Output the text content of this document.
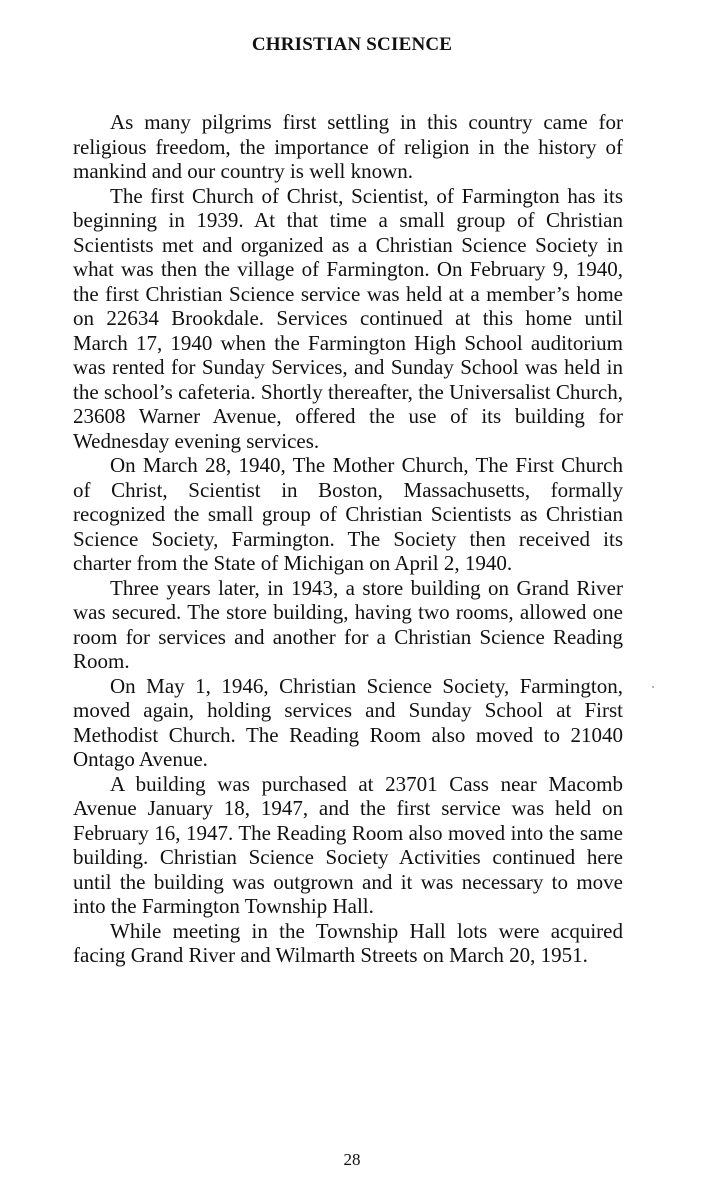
CHRISTIAN SCIENCE

As many pilgrims first settling in this country came for religious freedom, the importance of religion in the history of mankind and our country is well known.

The first Church of Christ, Scientist, of Farmington has its beginning in 1939. At that time a small group of Christian Scientists met and organized as a Christian Science Society in what was then the village of Farmington. On February 9, 1940, the first Christian Science service was held at a member’s home on 22634 Brookdale. Services continued at this home until March 17, 1940 when the Farmington High School auditorium was rented for Sunday Services, and Sunday School was held in the school’s cafeteria. Shortly thereafter, the Universalist Church, 23608 Warner Avenue, offered the use of its building for Wednesday evening services.

On March 28, 1940, The Mother Church, The First Church of Christ, Scientist in Boston, Massachusetts, formally recognized the small group of Christian Scientists as Christian Science Society, Farmington. The Society then received its charter from the State of Michigan on April 2, 1940.

Three years later, in 1943, a store building on Grand River was secured. The store building, having two rooms, allowed one room for services and another for a Christian Science Reading Room.

On May 1, 1946, Christian Science Society, Farmington, moved again, holding services and Sunday School at First Methodist Church. The Reading Room also moved to 21040 Ontago Avenue.

A building was purchased at 23701 Cass near Macomb Avenue January 18, 1947, and the first service was held on February 16, 1947. The Reading Room also moved into the same building. Christian Science Society Activities continued here until the building was outgrown and it was necessary to move into the Farmington Township Hall.

While meeting in the Township Hall lots were acquired facing Grand River and Wilmarth Streets on March 20, 1951.

28
